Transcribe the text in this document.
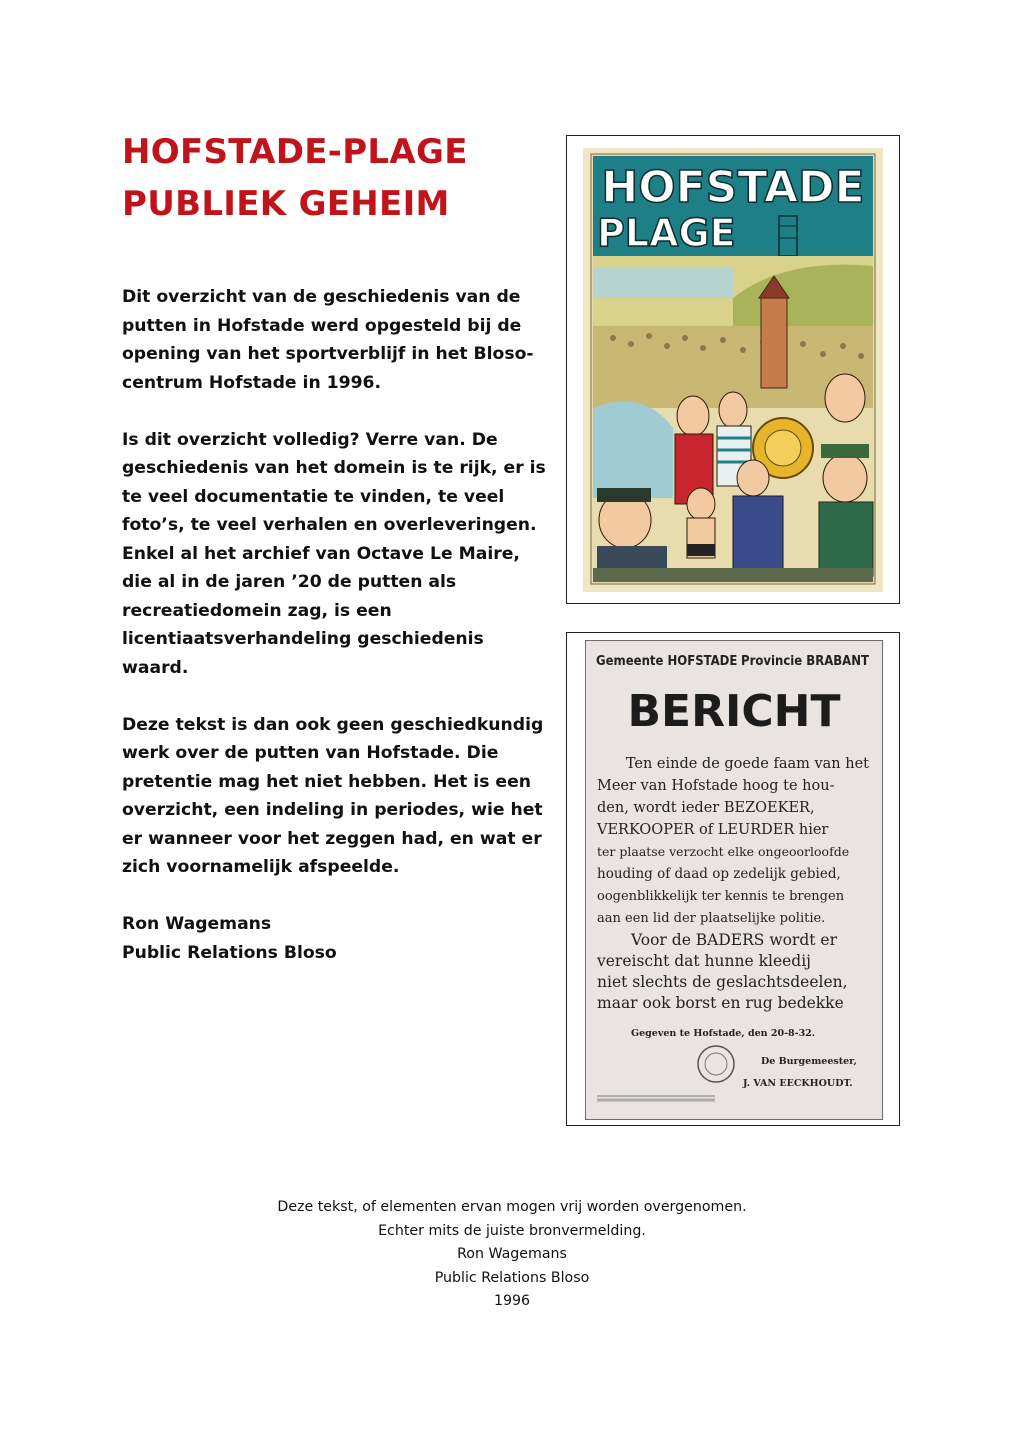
HOFSTADE-PLAGE
PUBLIEK GEHEIM

Dit overzicht van de geschiedenis van de putten in Hofstade werd opgesteld bij de opening van het sportverblijf in het Bloso-centrum Hofstade in 1996.

Is dit overzicht volledig? Verre van. De geschiedenis van het domein is te rijk, er is te veel documentatie te vinden, te veel foto’s, te veel verhalen en overleveringen. Enkel al het archief van Octave Le Maire, die al in de jaren ’20 de putten als recreatiedomein zag, is een licentiaatsverhandeling geschiedenis waard.

Deze tekst is dan ook geen geschiedkundig werk over de putten van Hofstade. Die pretentie mag het niet hebben. Het is een overzicht, een indeling in periodes, wie het er wanneer voor het zeggen had, en wat er zich voornamelijk afspeelde.

Ron Wagemans

Public Relations Bloso

HOFSTADE
PLAGE
Gemeente HOFSTADE Provincie BRABANT
BERICHT
Ten einde de goede faam van het
Meer van Hofstade hoog te hou-
den, wordt ieder BEZOEKER,
VERKOOPER of LEURDER hier
ter plaatse verzocht elke ongeoorloofde
houding of daad op zedelijk gebied,
oogenblikkelijk ter kennis te brengen
aan een lid der plaatselijke politie.
Voor de BADERS wordt er
vereischt dat hunne kleedij
niet slechts de geslachtsdeelen,
maar ook borst en rug bedekke
Gegeven te Hofstade, den 20-8-32.
De Burgemeester,
J. VAN EECKHOUDT.
Deze tekst, of elementen ervan mogen vrij worden overgenomen.
Echter mits de juiste bronvermelding.
Ron Wagemans
Public Relations Bloso
1996
